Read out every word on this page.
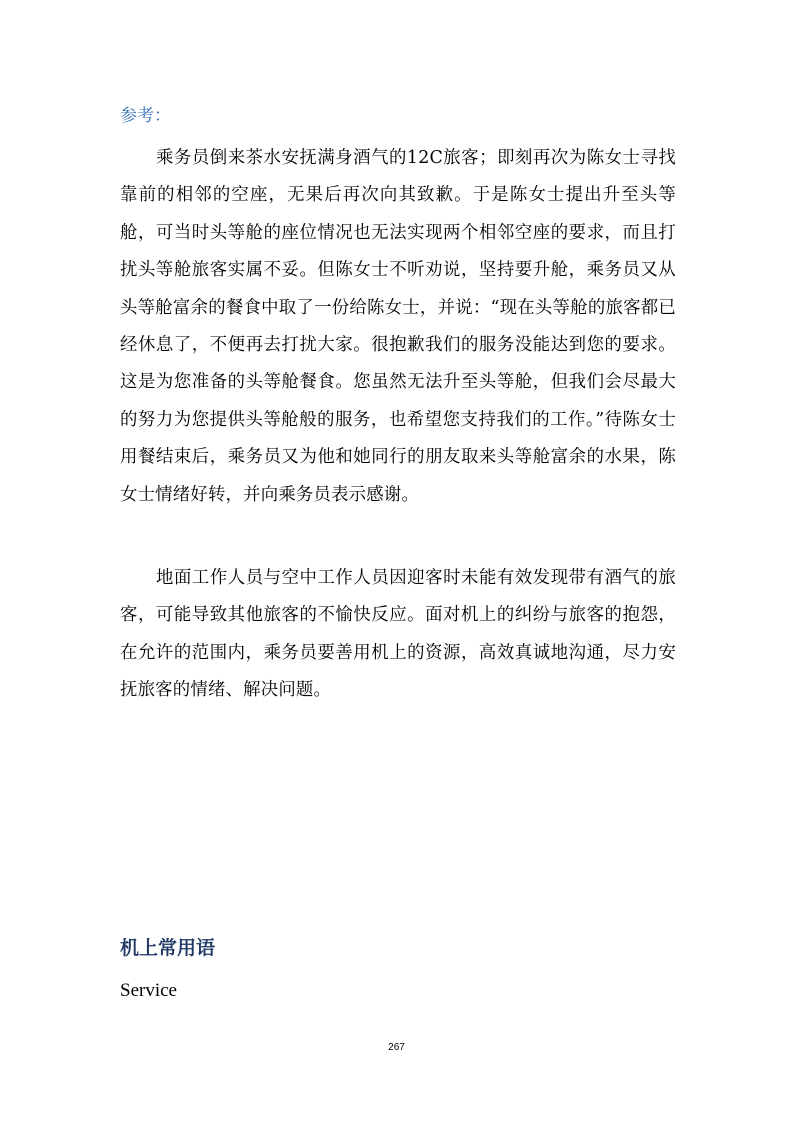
参考：

乘务员倒来茶水安抚满身酒气的12C旅客；即刻再次为陈女士寻找靠前的相邻的空座，无果后再次向其致歉。于是陈女士提出升至头等舱，可当时头等舱的座位情况也无法实现两个相邻空座的要求，而且打扰头等舱旅客实属不妥。但陈女士不听劝说，坚持要升舱，乘务员又从头等舱富余的餐食中取了一份给陈女士，并说：“现在头等舱的旅客都已经休息了，不便再去打扰大家。很抱歉我们的服务没能达到您的要求。这是为您准备的头等舱餐食。您虽然无法升至头等舱，但我们会尽最大的努力为您提供头等舱般的服务，也希望您支持我们的工作。”待陈女士用餐结束后，乘务员又为他和她同行的朋友取来头等舱富余的水果，陈女士情绪好转，并向乘务员表示感谢。

地面工作人员与空中工作人员因迎客时未能有效发现带有酒气的旅客，可能导致其他旅客的不愉快反应。面对机上的纠纷与旅客的抱怨，在允许的范围内，乘务员要善用机上的资源，高效真诚地沟通，尽力安抚旅客的情绪、解决问题。

机上常用语
Service
267
